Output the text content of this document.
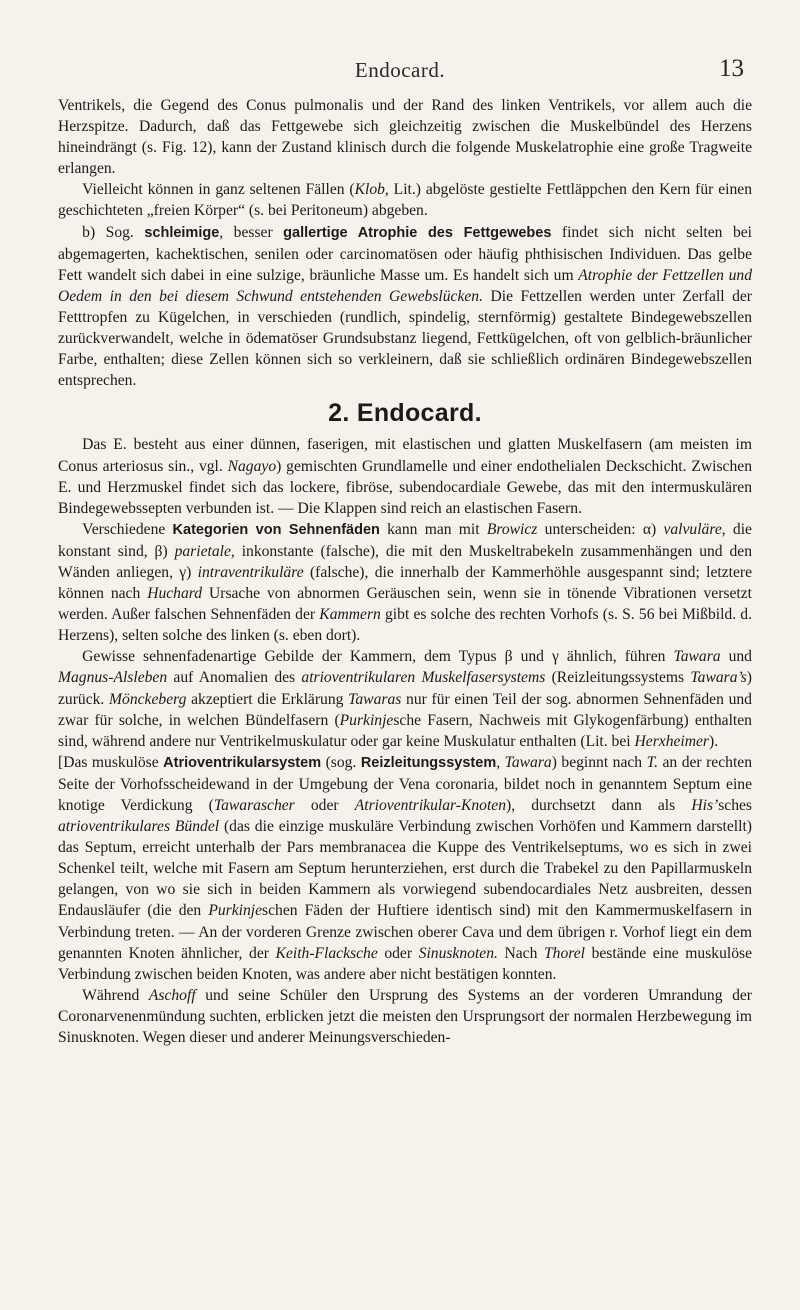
Endocard.	13

Ventrikels, die Gegend des Conus pulmonalis und der Rand des linken Ventrikels, vor allem auch die Herzspitze. Dadurch, daß das Fettgewebe sich gleichzeitig zwischen die Muskelbündel des Herzens hineindrängt (s. Fig. 12), kann der Zustand klinisch durch die folgende Muskelatrophie eine große Tragweite erlangen.

Vielleicht können in ganz seltenen Fällen (Klob, Lit.) abgelöste gestielte Fettläppchen den Kern für einen geschichteten „freien Körper“ (s. bei Peritoneum) abgeben.

b) Sog. schleimige, besser gallertige Atrophie des Fettgewebes findet sich nicht selten bei abgemagerten, kachektischen, senilen oder carcinomatösen oder häufig phthisischen Individuen. Das gelbe Fett wandelt sich dabei in eine sulzige, bräunliche Masse um. Es handelt sich um Atrophie der Fettzellen und Oedem in den bei diesem Schwund entstehenden Gewebslücken. Die Fettzellen werden unter Zerfall der Fetttropfen zu Kügelchen, in verschieden (rundlich, spindelig, sternförmig) gestaltete Bindegewebszellen zurückverwandelt, welche in ödematöser Grundsubstanz liegend, Fettkügelchen, oft von gelblich-bräunlicher Farbe, enthalten; diese Zellen können sich so verkleinern, daß sie schließlich ordinären Bindegewebszellen entsprechen.

2. Endocard.

Das E. besteht aus einer dünnen, faserigen, mit elastischen und glatten Muskelfasern (am meisten im Conus arteriosus sin., vgl. Nagayo) gemischten Grundlamelle und einer endothelialen Deckschicht. Zwischen E. und Herzmuskel findet sich das lockere, fibröse, subendocardiale Gewebe, das mit den intermuskulären Bindegewebssepten verbunden ist. — Die Klappen sind reich an elastischen Fasern.

Verschiedene Kategorien von Sehnenfäden kann man mit Browicz unterscheiden: α) valvuläre, die konstant sind, β) parietale, inkonstante (falsche), die mit den Muskeltrabekeln zusammenhängen und den Wänden anliegen, γ) intraventrikuläre (falsche), die innerhalb der Kammerhöhle ausgespannt sind; letztere können nach Huchard Ursache von abnormen Geräuschen sein, wenn sie in tönende Vibrationen versetzt werden. Außer falschen Sehnenfäden der Kammern gibt es solche des rechten Vorhofs (s. S. 56 bei Mißbild. d. Herzens), selten solche des linken (s. eben dort).

Gewisse sehnenfadenartige Gebilde der Kammern, dem Typus β und γ ähnlich, führen Tawara und Magnus-Alsleben auf Anomalien des atrioventrikularen Muskelfasersystems (Reizleitungssystems Tawara’s) zurück. Mönckeberg akzeptiert die Erklärung Tawaras nur für einen Teil der sog. abnormen Sehnenfäden und zwar für solche, in welchen Bündelfasern (Purkinjesche Fasern, Nachweis mit Glykogenfärbung) enthalten sind, während andere nur Ventrikelmuskulatur oder gar keine Muskulatur enthalten (Lit. bei Herxheimer).

[Das muskulöse Atrioventrikularsystem (sog. Reizleitungssystem, Tawara) beginnt nach T. an der rechten Seite der Vorhofsscheidewand in der Umgebung der Vena coronaria, bildet noch in genanntem Septum eine knotige Verdickung (Tawarascher oder Atrioventrikular-Knoten), durchsetzt dann als His’sches atrioventrikulares Bündel (das die einzige muskuläre Verbindung zwischen Vorhöfen und Kammern darstellt) das Septum, erreicht unterhalb der Pars membranacea die Kuppe des Ventrikelseptums, wo es sich in zwei Schenkel teilt, welche mit Fasern am Septum herunterziehen, erst durch die Trabekel zu den Papillarmuskeln gelangen, von wo sie sich in beiden Kammern als vorwiegend subendocardiales Netz ausbreiten, dessen Endausläufer (die den Purkinjeschen Fäden der Huftiere identisch sind) mit den Kammermuskelfasern in Verbindung treten. — An der vorderen Grenze zwischen oberer Cava und dem übrigen r. Vorhof liegt ein dem genannten Knoten ähnlicher, der Keith-Flacksche oder Sinusknoten. Nach Thorel bestände eine muskulöse Verbindung zwischen beiden Knoten, was andere aber nicht bestätigen konnten.

Während Aschoff und seine Schüler den Ursprung des Systems an der vorderen Umrandung der Coronarvenenmündung suchten, erblicken jetzt die meisten den Ursprungsort der normalen Herzbewegung im Sinusknoten. Wegen dieser und anderer Meinungsverschieden-
